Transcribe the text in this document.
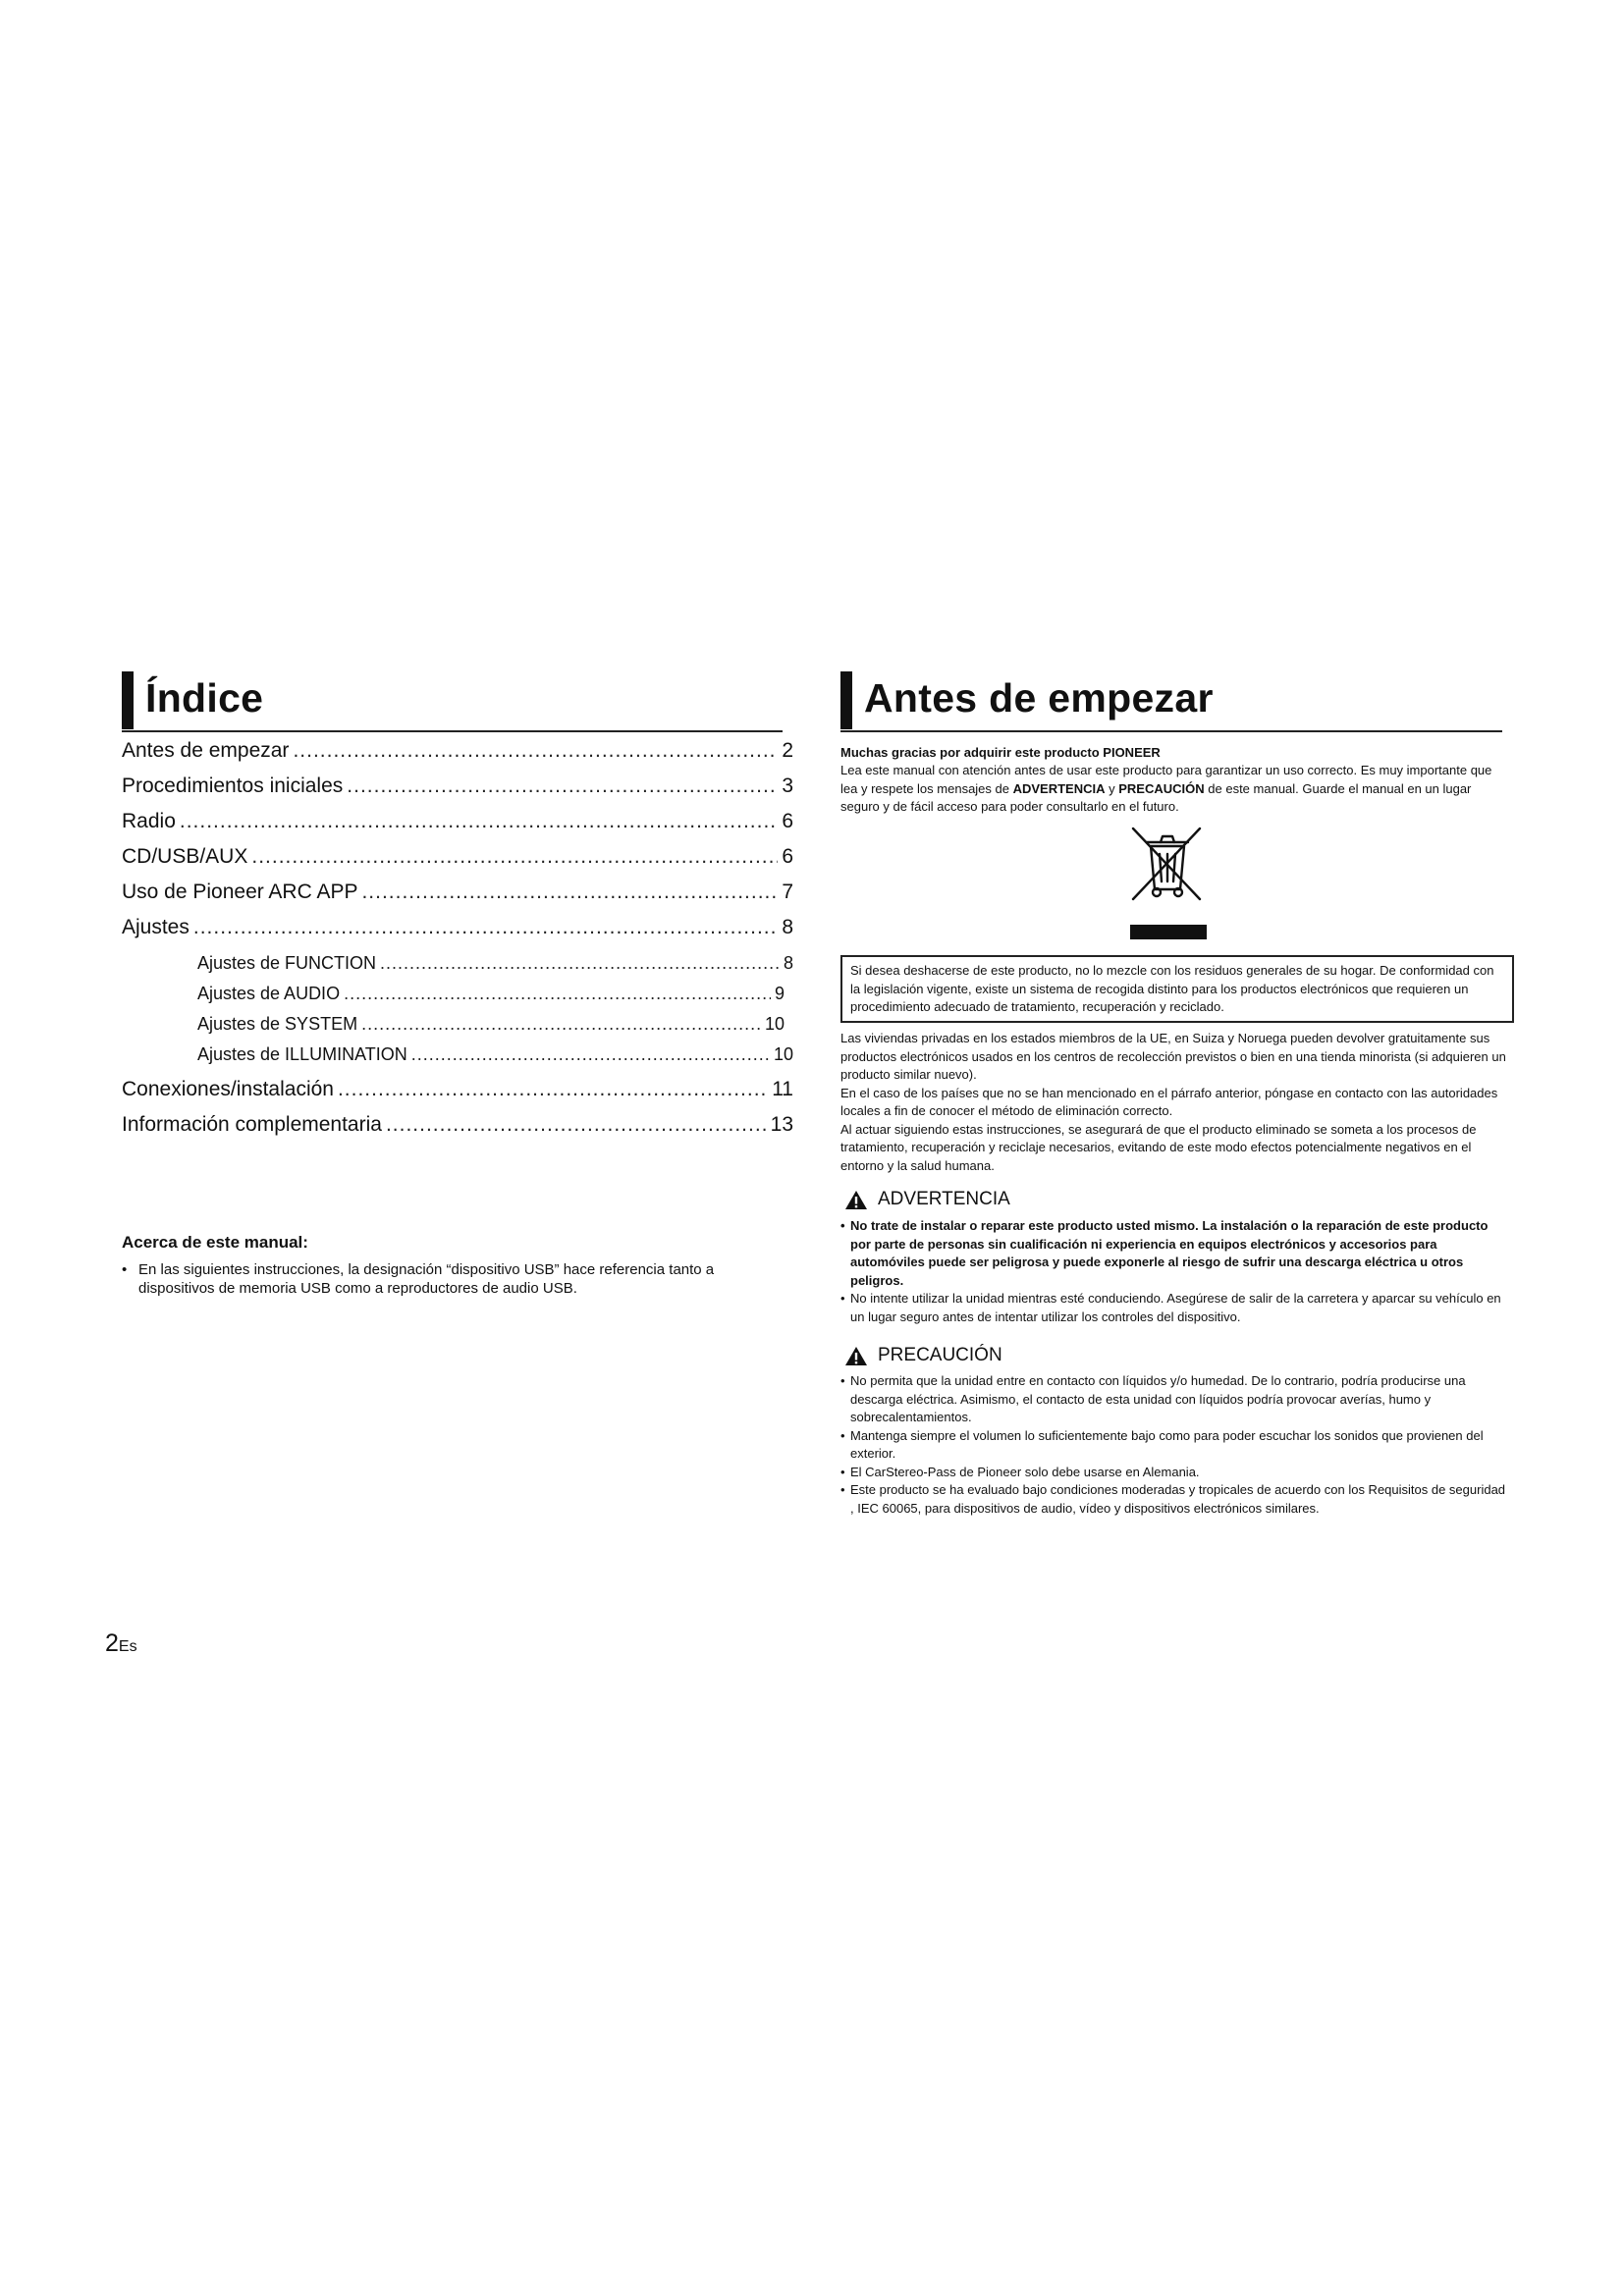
Índice
Antes de empezar .....	2
Procedimientos iniciales .....	3
Radio .....	6
CD/USB/AUX .....	6
Uso de Pioneer ARC APP .....	7
Ajustes .....	8
Ajustes de FUNCTION .....	8
Ajustes de AUDIO .....	9
Ajustes de SYSTEM .....	10
Ajustes de ILLUMINATION .....	10
Conexiones/instalación .....	11
Información complementaria .....	13
Acerca de este manual:
• En las siguientes instrucciones, la designación “dispositivo USB” hace referencia tanto a dispositivos de memoria USB como a reproductores de audio USB.
Antes de empezar
Muchas gracias por adquirir este producto PIONEER
Lea este manual con atención antes de usar este producto para garantizar un uso correcto. Es muy importante que lea y respete los mensajes de ADVERTENCIA y PRECAUCIÓN de este manual. Guarde el manual en un lugar seguro y de fácil acceso para poder consultarlo en el futuro.
Si desea deshacerse de este producto, no lo mezcle con los residuos generales de su hogar. De conformidad con la legislación vigente, existe un sistema de recogida distinto para los productos electrónicos que requieren un procedimiento adecuado de tratamiento, recuperación y reciclado.
Las viviendas privadas en los estados miembros de la UE, en Suiza y Noruega pueden devolver gratuitamente sus productos electrónicos usados en los centros de recolección previstos o bien en una tienda minorista (si adquieren un producto similar nuevo).
En el caso de los países que no se han mencionado en el párrafo anterior, póngase en contacto con las autoridades locales a fin de conocer el método de eliminación correcto.
Al actuar siguiendo estas instrucciones, se asegurará de que el producto eliminado se someta a los procesos de tratamiento, recuperación y reciclaje necesarios, evitando de este modo efectos potencialmente negativos en el entorno y la salud humana.
ADVERTENCIA
• No trate de instalar o reparar este producto usted mismo. La instalación o la reparación de este producto por parte de personas sin cualificación ni experiencia en equipos electrónicos y accesorios para automóviles puede ser peligrosa y puede exponerle al riesgo de sufrir una descarga eléctrica u otros peligros.
• No intente utilizar la unidad mientras esté conduciendo. Asegúrese de salir de la carretera y aparcar su vehículo en un lugar seguro antes de intentar utilizar los controles del dispositivo.
PRECAUCIÓN
• No permita que la unidad entre en contacto con líquidos y/o humedad. De lo contrario, podría producirse una descarga eléctrica. Asimismo, el contacto de esta unidad con líquidos podría provocar averías, humo y sobrecalentamientos.
• Mantenga siempre el volumen lo suficientemente bajo como para poder escuchar los sonidos que provienen del exterior.
• El CarStereo-Pass de Pioneer solo debe usarse en Alemania.
• Este producto se ha evaluado bajo condiciones moderadas y tropicales de acuerdo con los Requisitos de seguridad , IEC 60065, para dispositivos de audio, vídeo y dispositivos electrónicos similares.
2Es
